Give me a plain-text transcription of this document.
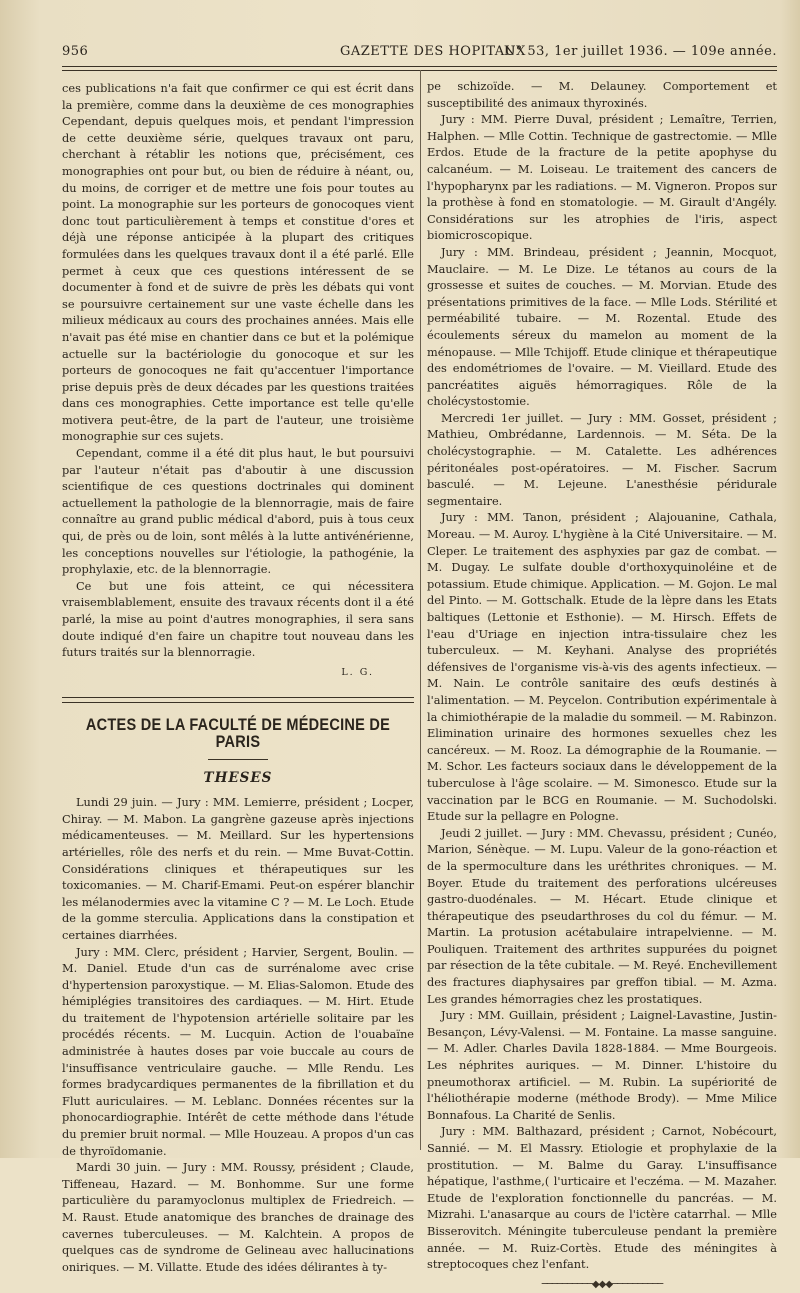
956	GAZETTE DES HOPITAUX
N° 53, 1er juillet 1936. — 109e année.

ces publications n'a fait que confirmer ce qui est écrit dans la première, comme dans la deuxième de ces monographies Cependant, depuis quelques mois, et pendant l'impression de cette deuxième série, quelques travaux ont paru, cherchant à rétablir les notions que, précisément, ces monographies ont pour but, ou bien de réduire à néant, ou, du moins, de corriger et de mettre une fois pour toutes au point. La monographie sur les porteurs de gonocoques vient donc tout particulièrement à temps et constitue d'ores et déjà une réponse anticipée à la plupart des critiques formulées dans les quelques travaux dont il a été parlé. Elle permet à ceux que ces questions intéressent de se documenter à fond et de suivre de près les débats qui vont se poursuivre certainement sur une vaste échelle dans les milieux médicaux au cours des prochaines années. Mais elle n'avait pas été mise en chantier dans ce but et la polémique actuelle sur la bactériologie du gonocoque et sur les porteurs de gonocoques ne fait qu'accentuer l'importance prise depuis près de deux décades par les questions traitées dans ces monographies. Cette importance est telle qu'elle motivera peut-être, de la part de l'auteur, une troisième monographie sur ces sujets.

Cependant, comme il a été dit plus haut, le but poursuivi par l'auteur n'était pas d'aboutir à une discussion scientifique de ces questions doctrinales qui dominent actuellement la pathologie de la blennorragie, mais de faire connaître au grand public médical d'abord, puis à tous ceux qui, de près ou de loin, sont mêlés à la lutte antivénérienne, les conceptions nouvelles sur l'étiologie, la pathogénie, la prophylaxie, etc. de la blennorragie.

Ce but une fois atteint, ce qui nécessitera vraisemblablement, ensuite des travaux récents dont il a été parlé, la mise au point d'autres monographies, il sera sans doute indiqué d'en faire un chapitre tout nouveau dans les futurs traités sur la blennorragie.

L. G.
ACTES DE LA FACULTÉ DE MÉDECINE DE PARIS
THESES

Lundi 29 juin. — Jury : MM. Lemierre, président ; Locper, Chiray. — M. Mabon. La gangrène gazeuse après injections médicamenteuses. — M. Meillard. Sur les hypertensions artérielles, rôle des nerfs et du rein. — Mme Buvat-Cottin. Considérations cliniques et thérapeutiques sur les toxicomanies. — M. Charif-Emami. Peut-on espérer blanchir les mélanodermies avec la vitamine C ? — M. Le Loch. Etude de la gomme sterculia. Applications dans la constipation et certaines diarrhées.

Jury : MM. Clerc, président ; Harvier, Sergent, Boulin. — M. Daniel. Etude d'un cas de surrénalome avec crise d'hypertension paroxystique. — M. Elias-Salomon. Etude des hémiplégies transitoires des cardiaques. — M. Hirt. Etude du traitement de l'hypotension artérielle solitaire par les procédés récents. — M. Lucquin. Action de l'ouabaïne administrée à hautes doses par voie buccale au cours de l'insuffisance ventriculaire gauche. — Mlle Rendu. Les formes bradycardiques permanentes de la fibrillation et du Flutt auriculaires. — M. Leblanc. Données récentes sur la phonocardiographie. Intérêt de cette méthode dans l'étude du premier bruit normal. — Mlle Houzeau. A propos d'un cas de thyroïdomanie.

Mardi 30 juin. — Jury : MM. Roussy, président ; Claude, Tiffeneau, Hazard. — M. Bonhomme. Sur une forme particulière du paramyoclonus multiplex de Friedreich. — M. Raust. Etude anatomique des branches de drainage des cavernes tuberculeuses. — M. Kalchtein. A propos de quelques cas de syndrome de Gelineau avec hallucinations oniriques. — M. Villatte. Etude des idées délirantes à ty-

pe schizoïde. — M. Delauney. Comportement et susceptibilité des animaux thyroxinés.

Jury : MM. Pierre Duval, président ; Lemaître, Terrien, Halphen. — Mlle Cottin. Technique de gastrectomie. — Mlle Erdos. Etude de la fracture de la petite apophyse du calcanéum. — M. Loiseau. Le traitement des cancers de l'hypopharynx par les radiations. — M. Vigneron. Propos sur la prothèse à fond en stomatologie. — M. Girault d'Angély. Considérations sur les atrophies de l'iris, aspect biomicroscopique.

Jury : MM. Brindeau, président ; Jeannin, Mocquot, Mauclaire. — M. Le Dize. Le tétanos au cours de la grossesse et suites de couches. — M. Morvian. Etude des présentations primitives de la face. — Mlle Lods. Stérilité et perméabilité tubaire. — M. Rozental. Etude des écoulements séreux du mamelon au moment de la ménopause. — Mlle Tchijoff. Etude clinique et thérapeutique des endométriomes de l'ovaire. — M. Vieillard. Etude des pancréatites aiguës hémorragiques. Rôle de la cholécystostomie.

Mercredi 1er juillet. — Jury : MM. Gosset, président ; Mathieu, Ombrédanne, Lardennois. — M. Séta. De la cholécystographie. — M. Catalette. Les adhérences péritonéales post-opératoires. — M. Fischer. Sacrum basculé. — M. Lejeune. L'anesthésie péridurale segmentaire.

Jury : MM. Tanon, président ; Alajouanine, Cathala, Moreau. — M. Auroy. L'hygiène à la Cité Universitaire. — M. Cleper. Le traitement des asphyxies par gaz de combat. — M. Dugay. Le sulfate double d'orthoxyquinoléine et de potassium. Etude chimique. Application. — M. Gojon. Le mal del Pinto. — M. Gottschalk. Etude de la lèpre dans les Etats baltiques (Lettonie et Esthonie). — M. Hirsch. Effets de l'eau d'Uriage en injection intra-tissulaire chez les tuberculeux. — M. Keyhani. Analyse des propriétés défensives de l'organisme vis-à-vis des agents infectieux. — M. Nain. Le contrôle sanitaire des œufs destinés à l'alimentation. — M. Peycelon. Contribution expérimentale à la chimiothérapie de la maladie du sommeil. — M. Rabinzon. Elimination urinaire des hormones sexuelles chez les cancéreux. — M. Rooz. La démographie de la Roumanie. — M. Schor. Les facteurs sociaux dans le développement de la tuberculose à l'âge scolaire. — M. Simonesco. Etude sur la vaccination par le BCG en Roumanie. — M. Suchodolski. Etude sur la pellagre en Pologne.

Jeudi 2 juillet. — Jury : MM. Chevassu, président ; Cunéo, Marion, Sénèque. — M. Lupu. Valeur de la gono-réaction et de la spermoculture dans les uréthrites chroniques. — M. Boyer. Etude du traitement des perforations ulcéreuses gastro-duodénales. — M. Hécart. Etude clinique et thérapeutique des pseudarthroses du col du fémur. — M. Martin. La protusion acétabulaire intrapelvienne. — M. Pouliquen. Traitement des arthrites suppurées du poignet par résection de la tête cubitale. — M. Reyé. Enchevillement des fractures diaphysaires par greffon tibial. — M. Azma. Les grandes hémorragies chez les prostatiques.

Jury : MM. Guillain, président ; Laignel-Lavastine, Justin-Besançon, Lévy-Valensi. — M. Fontaine. La masse sanguine. — M. Adler. Charles Davila 1828-1884. — Mme Bourgeois. Les néphrites auriques. — M. Dinner. L'histoire du pneumothorax artificiel. — M. Rubin. La supériorité de l'héliothérapie moderne (méthode Brody). — Mme Milice Bonnafous. La Charité de Senlis.

Jury : MM. Balthazard, président ; Carnot, Nobécourt, Sannié. — M. El Massry. Etiologie et prophylaxie de la prostitution. — M. Balme du Garay. L'insuffisance hépatique, l'asthme,( l'urticaire et l'eczéma. — M. Mazaher. Etude de l'exploration fonctionnelle du pancréas. — M. Mizrahi. L'anasarque au cours de l'ictère catarrhal. — Mlle Bisserovitch. Méningite tuberculeuse pendant la première année. — M. Ruiz-Cortès. Etude des méningites à streptocoques chez l'enfant.

──────────◆◆◆──────────
